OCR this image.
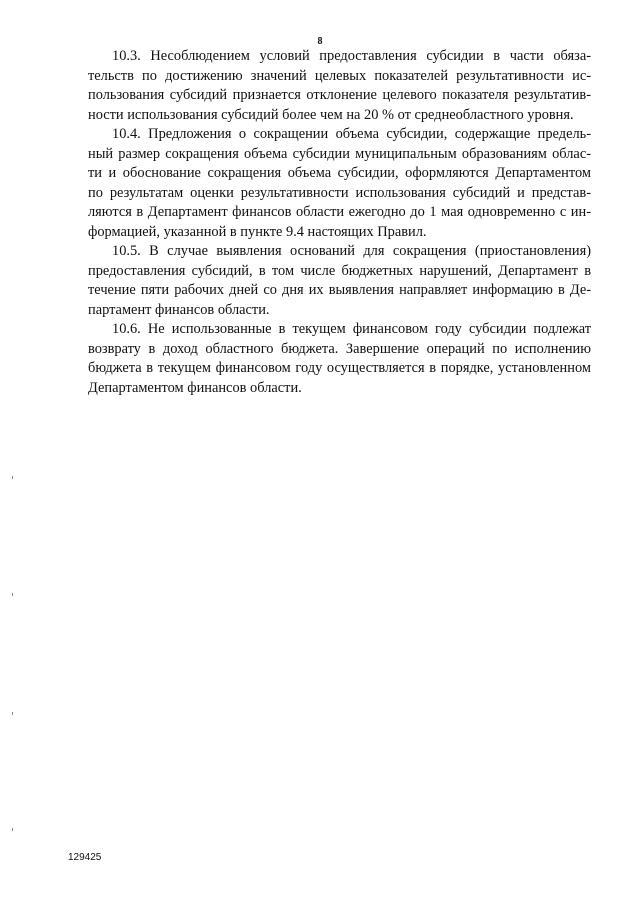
8
10.3. Несоблюдением условий предоставления субсидии в части обяза-
тельств по достижению значений целевых показателей результативности ис-
пользования субсидий признается отклонение целевого показателя результатив-
ности использования субсидий более чем на 20 % от среднеобластного уровня.
10.4. Предложения о сокращении объема субсидии, содержащие предель-
ный размер сокращения объема субсидии муниципальным образованиям облас-
ти и обоснование сокращения объема субсидии, оформляются Департаментом
по результатам оценки результативности использования субсидий и представ-
ляются в Департамент финансов области ежегодно до 1 мая одновременно с ин-
формацией, указанной в пункте 9.4 настоящих Правил.
10.5. В случае выявления оснований для сокращения (приостановления)
предоставления субсидий, в том числе бюджетных нарушений, Департамент в
течение пяти рабочих дней со дня их выявления направляет информацию в Де-
партамент финансов области.
10.6. Не использованные в текущем финансовом году субсидии подлежат
возврату в доход областного бюджета. Завершение операций по исполнению
бюджета в текущем финансовом году осуществляется в порядке, установленном
Департаментом финансов области.
129425
